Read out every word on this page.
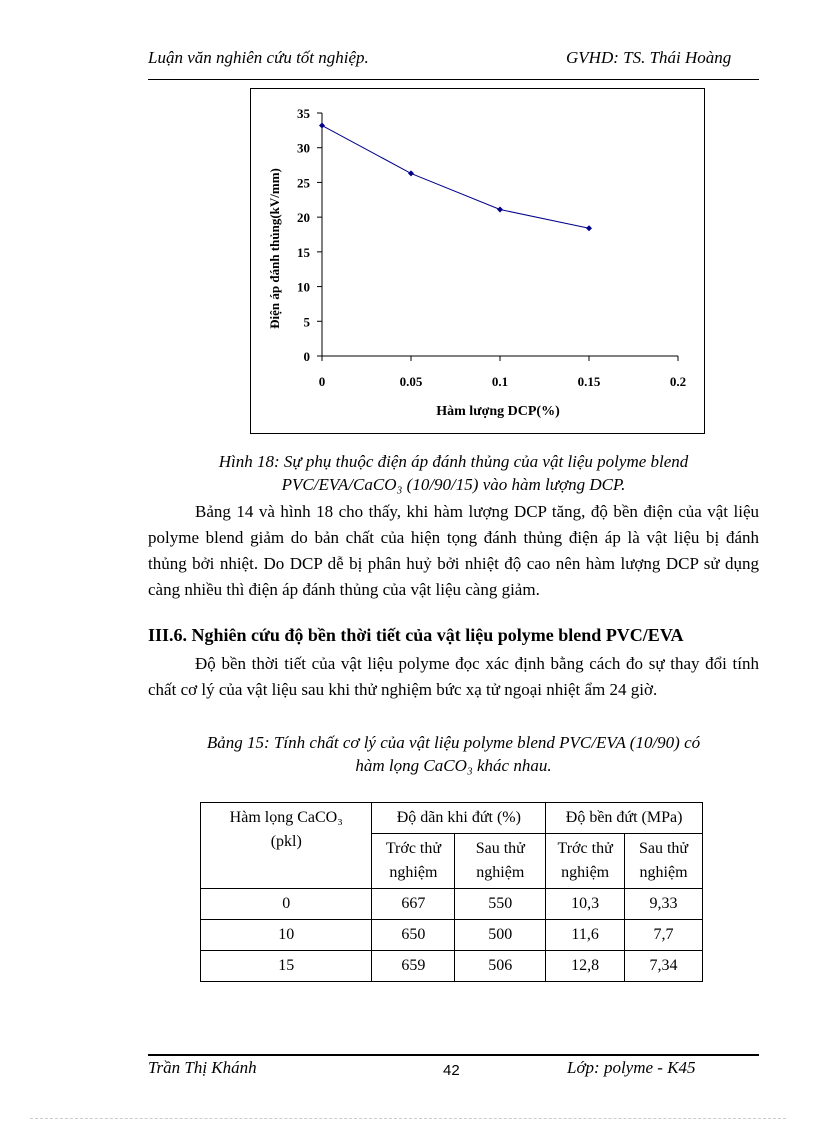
Luận văn nghiên cứu tốt nghiệp.	GVHD: TS. Thái Hoàng
0
5
10
15
20
25
30
35
0	0.05	0.1	0.15	0.2
Hàm lượng DCP(%)
Điện áp đánh thủng(kV/mm)
Hình 18: Sự phụ thuộc điện áp đánh thủng của vật liệu polyme blend
PVC/EVA/CaCO₃ (10/90/15) vào hàm lượng DCP.
Bảng 14 và hình 18 cho thấy, khi hàm lượng DCP tăng, độ bền điện của vật liệu polyme blend giảm do bản chất của hiện tọng đánh thủng điện áp là vật liệu bị đánh thủng bởi nhiệt. Do DCP dễ bị phân huỷ bởi nhiệt độ cao nên hàm lượng DCP sử dụng càng nhiều thì điện áp đánh thủng của vật liệu càng giảm.
III.6. Nghiên cứu độ bền thời tiết của vật liệu polyme blend PVC/EVA
Độ bền thời tiết của vật liệu polyme đọc xác định bằng cách đo sự thay đổi tính chất cơ lý của vật liệu sau khi thử nghiệm bức xạ tử ngoại nhiệt ẩm 24 giờ.
Bảng 15: Tính chất cơ lý của vật liệu polyme blend PVC/EVA (10/90) có
hàm lọng CaCO₃ khác nhau.
Hàm lọng CaCO₃
(pkl)	Độ dãn khi đứt (%)		Độ bền đứt (MPa)	
	Trớc thử nghiệm	Sau thử nghiệm	Trớc thử nghiệm	Sau thử nghiệm
0	667	550	10,3	9,33
10	650	500	11,6	7,7
15	659	506	12,8	7,34
Trần Thị Khánh	42	Lớp: polyme - K45
